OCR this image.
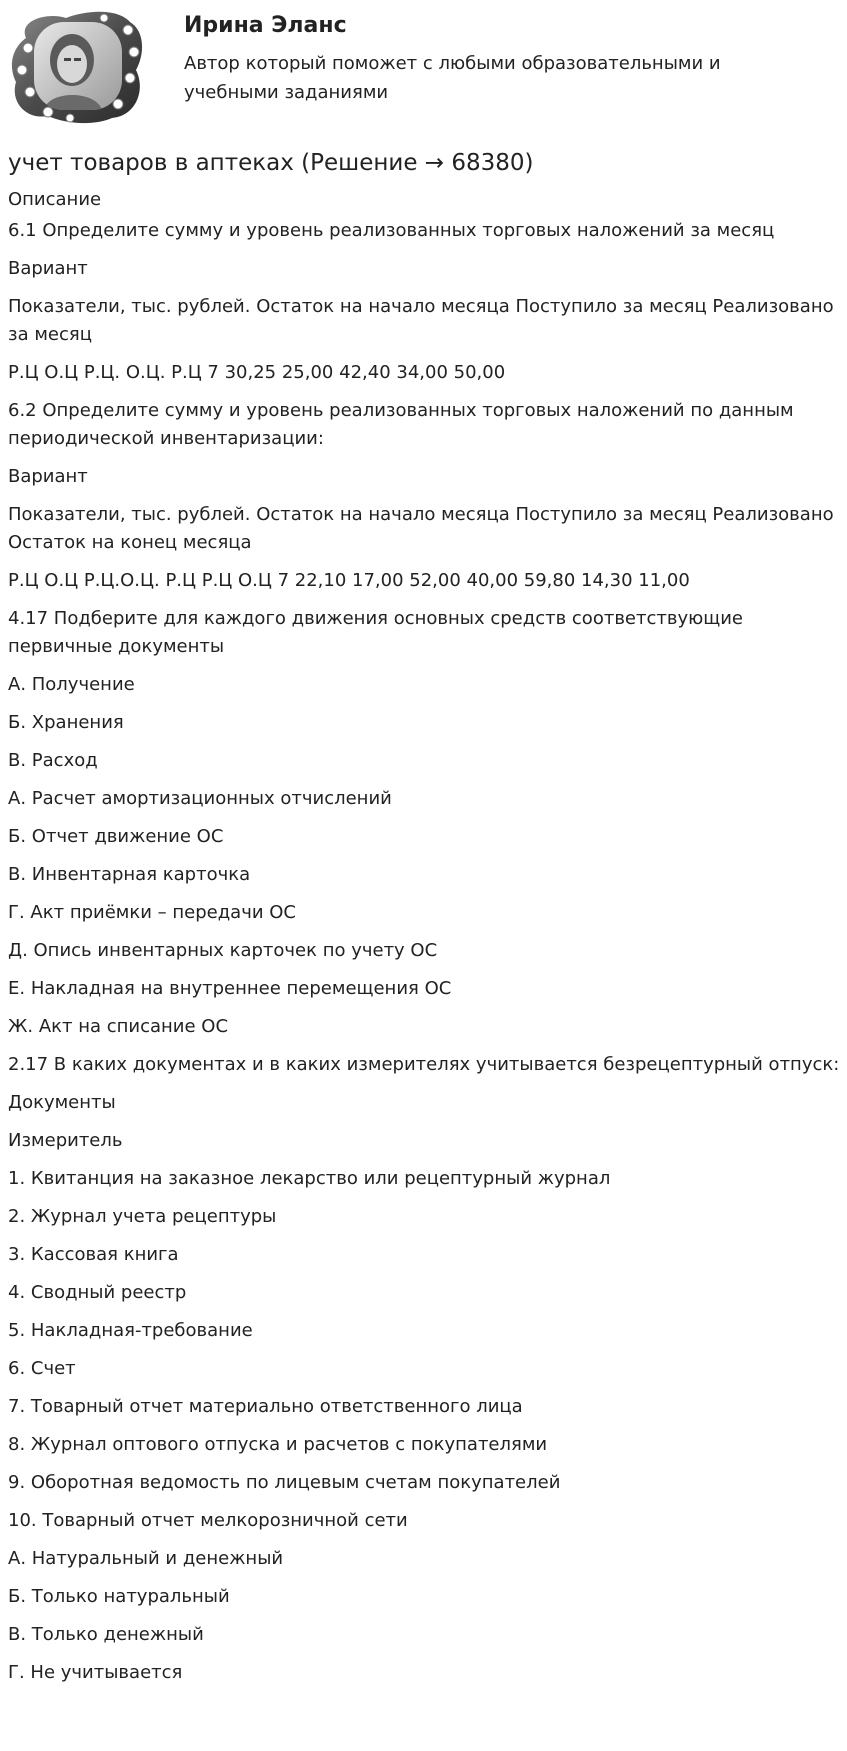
Ирина Эланс
Автор который поможет с любыми образовательными и учебными заданиями
учет товаров в аптеках (Решение → 68380)
Описание
6.1 Определите сумму и уровень реализованных торговых наложений за месяц
Вариант
Показатели, тыс. рублей. Остаток на начало месяца Поступило за месяц Реализовано за месяц
Р.Ц О.Ц Р.Ц. О.Ц. Р.Ц 7 30,25 25,00 42,40 34,00 50,00
6.2 Определите сумму и уровень реализованных торговых наложений по данным периодической инвентаризации:
Вариант
Показатели, тыс. рублей. Остаток на начало месяца Поступило за месяц Реализовано Остаток на конец месяца
Р.Ц О.Ц Р.Ц.О.Ц. Р.Ц Р.Ц О.Ц 7 22,10 17,00 52,00 40,00 59,80 14,30 11,00
4.17 Подберите для каждого движения основных средств соответствующие первичные документы
А. Получение
Б. Хранения
В. Расход
А. Расчет амортизационных отчислений
Б. Отчет движение ОС
В. Инвентарная карточка
Г. Акт приёмки – передачи ОС
Д. Опись инвентарных карточек по учету ОС
Е. Накладная на внутреннее перемещения ОС
Ж. Акт на списание ОС
2.17 В каких документах и в каких измерителях учитывается безрецептурный отпуск:
Документы
Измеритель
1. Квитанция на заказное лекарство или рецептурный журнал
2. Журнал учета рецептуры
3. Кассовая книга
4. Сводный реестр
5. Накладная-требование
6. Счет
7. Товарный отчет материально ответственного лица
8. Журнал оптового отпуска и расчетов с покупателями
9. Оборотная ведомость по лицевым счетам покупателей
10. Товарный отчет мелкорозничной сети
А. Натуральный и денежный
Б. Только натуральный
В. Только денежный
Г. Не учитывается
